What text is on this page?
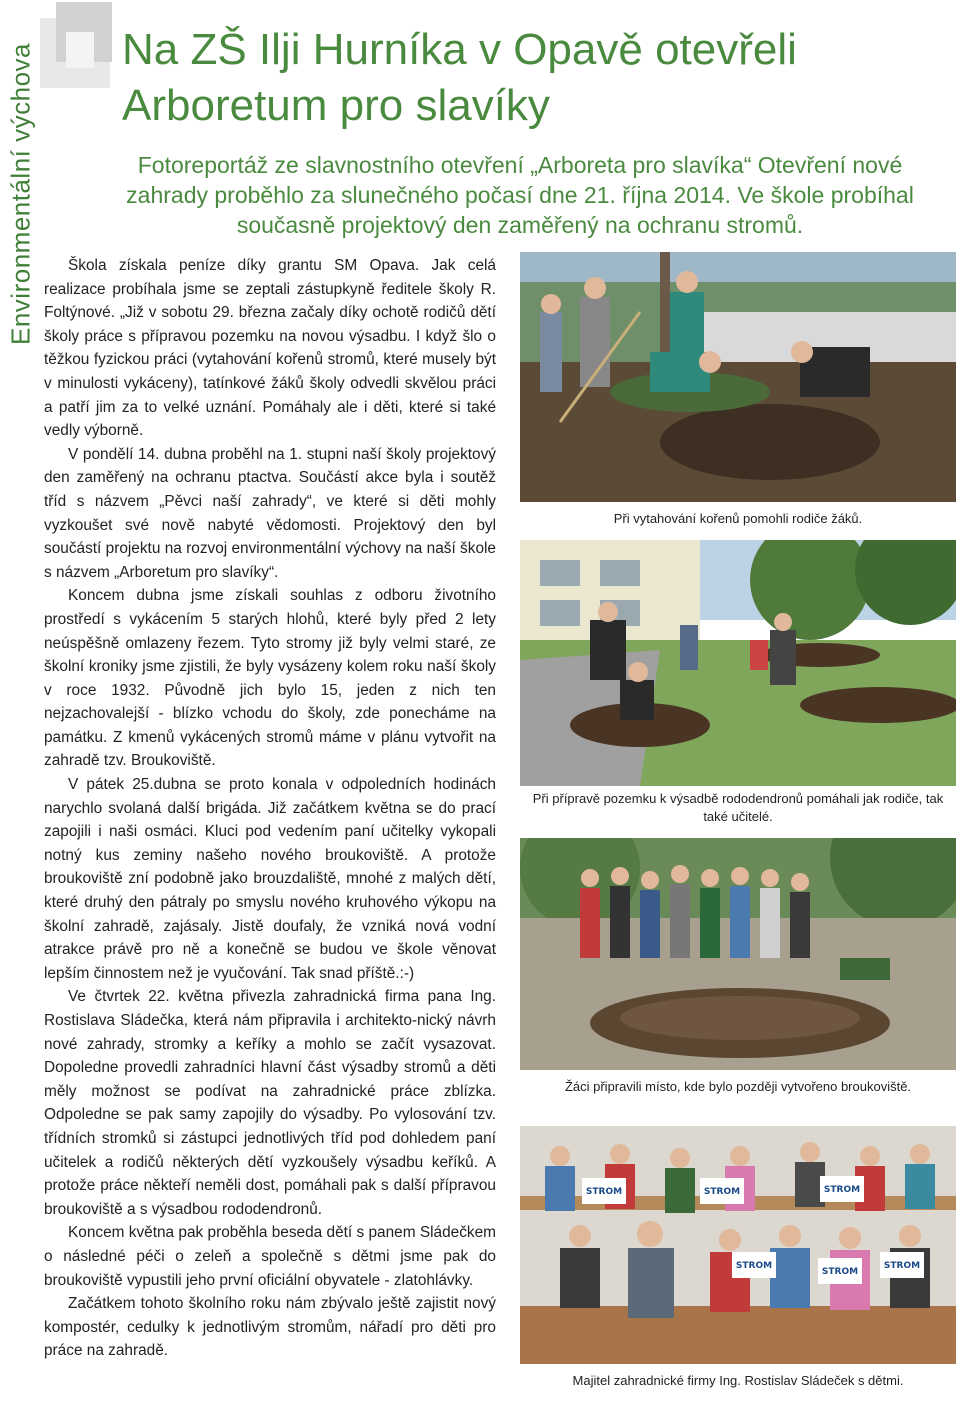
Environmentální výchova Na ZŠ Ilji Hurníka v Opavě otevřeli Arboretum pro slavíky

Fotoreportáž ze slavnostního otevření „Arboreta pro slavíka“ Otevření nové zahrady proběhlo za slunečného počasí dne 21. října 2014. Ve škole probíhal současně projektový den zaměřený na ochranu stromů.

Škola získala peníze díky grantu SM Opava. Jak celá realizace probíhala jsme se zeptali zástupkyně ředitele školy R. Foltýnové. „Již v sobotu 29. března začaly díky ochotě rodičů dětí školy práce s přípravou pozemku na novou výsadbu. I když šlo o těžkou fyzickou práci (vytahování kořenů stromů, které musely být v minulosti vykáceny), tatínkové žáků školy odvedli skvělou práci a patří jim za to velké uznání. Pomáhaly ale i děti, které si také vedly výborně.

V pondělí 14. dubna proběhl na 1. stupni naší školy projektový den zaměřený na ochranu ptactva. Součástí akce byla i soutěž tříd s názvem „Pěvci naší zahrady“, ve které si děti mohly vyzkoušet své nově nabyté vědomosti. Projektový den byl součástí projektu na rozvoj environmentální výchovy na naší škole s názvem „Arboretum pro slavíky“.

Koncem dubna jsme získali souhlas z odboru životního prostředí s vykácením 5 starých hlohů, které byly před 2 lety neúspěšně omlazeny řezem. Tyto stromy již byly velmi staré, ze školní kroniky jsme zjistili, že byly vysázeny kolem roku naší školy v roce 1932. Původně jich bylo 15, jeden z nich ten nejzachovalejší - blízko vchodu do školy, zde ponecháme na památku. Z kmenů vykácených stromů máme v plánu vytvořit na zahradě tzv. Broukoviště.

V pátek 25.dubna se proto konala v odpoledních hodinách narychlo svolaná další brigáda. Již začátkem května se do prací zapojili i naši osmáci. Kluci pod vedením paní učitelky vykopali notný kus zeminy našeho nového broukoviště. A protože broukoviště zní podobně jako brouzdaliště, mnohé z malých dětí, které druhý den pátraly po smyslu nového kruhového výkopu na školní zahradě, zajásaly. Jistě doufaly, že vzniká nová vodní atrakce právě pro ně a konečně se budou ve škole věnovat lepším činnostem než je vyučování. Tak snad příště.:-)

Ve čtvrtek 22. května přivezla zahradnická firma pana Ing. Rostislava Sládečka, která nám připravila i architekto-nický návrh nové zahrady, stromky a keříky a mohlo se začít vysazovat. Dopoledne provedli zahradníci hlavní část výsadby stromů a děti měly možnost se podívat na zahradnické práce zblízka. Odpoledne se pak samy zapojily do výsadby. Po vylosování tzv. třídních stromků si zástupci jednotlivých tříd pod dohledem paní učitelek a rodičů některých dětí vyzkoušely výsadbu keříků. A protože práce někteří neměli dost, pomáhali pak s další přípravou broukoviště a s výsadbou rododendronů.

Koncem května pak proběhla beseda dětí s panem Sládečkem o následné péči o zeleň a společně s dětmi jsme pak do broukoviště vypustili jeho první oficiální obyvatele - zlatohlávky.

Začátkem tohoto školního roku nám zbývalo ještě zajistit nový kompostér, cedulky k jednotlivým stromům, nářadí pro děti pro práce na zahradě.

Při vytahování kořenů pomohli rodiče žáků.
Při přípravě pozemku k výsadbě rododendronů pomáhali jak rodiče, tak také učitelé.
Žáci připravili místo, kde bylo později vytvořeno broukoviště.
STROM	STROM	STROM
STROM
STROM
STROM
Majitel zahradnické firmy Ing. Rostislav Sládeček s dětmi.
